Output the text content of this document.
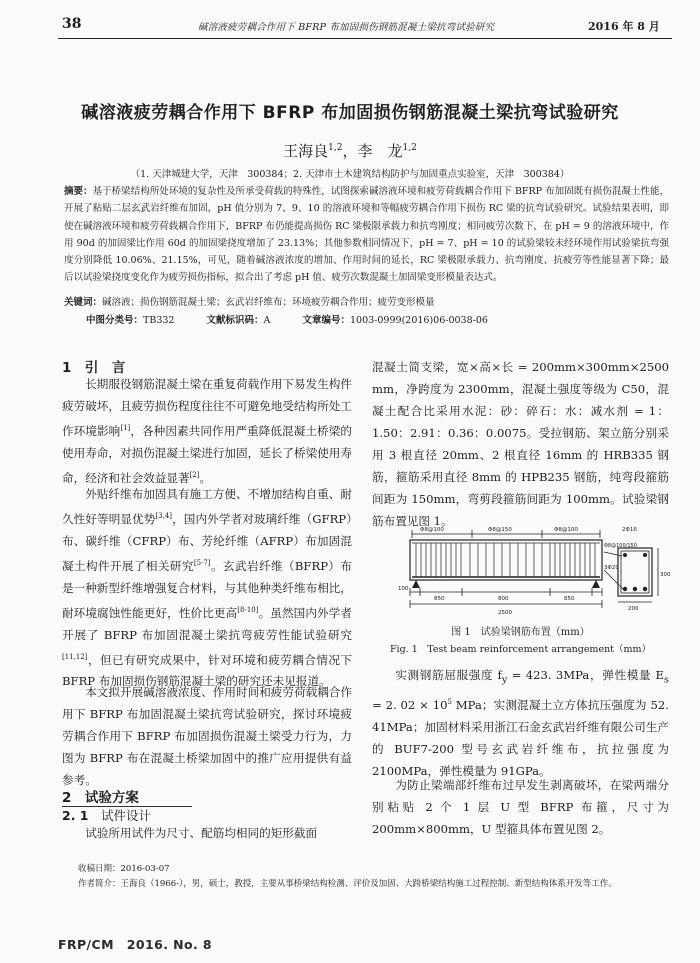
38	碱溶液疲劳耦合作用下 BFRP 布加固损伤钢筋混凝土梁抗弯试验研究	2016 年 8 月
碱溶液疲劳耦合作用下 BFRP 布加固损伤钢筋混凝土梁抗弯试验研究
王海良$^{1,2}$，李　龙$^{1,2}$
（1. 天津城建大学，天津　300384；2. 天津市土木建筑结构防护与加固重点实验室，天津　300384）
摘要：基于桥梁结构所处环境的复杂性及所承受荷载的特殊性，试图探索碱溶液环境和疲劳荷载耦合作用下 BFRP 布加固既有损伤混凝土性能，开展了粘贴二层玄武岩纤维布加固，pH 值分别为 7、9、10 的溶液环境和等幅疲劳耦合作用下损伤 RC 梁的抗弯试验研究。试验结果表明，即使在碱溶液环境和疲劳荷载耦合作用下，BFRP 布仍能提高损伤 RC 梁极限承载力和抗弯刚度；相同疲劳次数下，在 pH = 9 的溶液环境中，作用 90d 的加固梁比作用 60d 的加固梁挠度增加了 23.13%；其他参数相同情况下，pH = 7、pH = 10 的试验梁较未经环境作用试验梁抗弯强度分别降低 10.06%、21.15%，可见，随着碱溶液浓度的增加、作用时间的延长，RC 梁极限承载力、抗弯刚度、抗疲劳等性能显著下降；最后以试验梁挠度变化作为疲劳损伤指标，拟合出了考虑 pH 值、疲劳次数混凝土加固梁变形模量表达式。
关键词：碱溶液；损伤钢筋混凝土梁；玄武岩纤维布；环境疲劳耦合作用；疲劳变形模量
中图分类号：TB332	文献标识码：A	文章编号：1003-0999(2016)06-0038-06
1　引　言
长期服役钢筋混凝土梁在重复荷载作用下易发生构件疲劳破坏，且疲劳损伤程度往往不可避免地受结构所处工作环境影响[1]，各种因素共同作用严重降低混凝土桥梁的使用寿命，对损伤混凝土梁进行加固，延长了桥梁使用寿命，经济和社会效益显著[2]。
外贴纤维布加固具有施工方便、不增加结构自重、耐久性好等明显优势[3,4]，国内外学者对玻璃纤维（GFRP）布、碳纤维（CFRP）布、芳纶纤维（AFRP）布加固混凝土构件开展了相关研究[5-7]。玄武岩纤维（BFRP）布是一种新型纤维增强复合材料，与其他种类纤维布相比，耐环境腐蚀性能更好，性价比更高[8-10]。虽然国内外学者开展了 BFRP 布加固混凝土梁抗弯疲劳性能试验研究[11,12]，但已有研究成果中，针对环境和疲劳耦合情况下 BFRP 布加固损伤钢筋混凝土梁的研究还未见报道。
本文拟开展碱溶液浓度、作用时间和疲劳荷载耦合作用下 BFRP 布加固混凝土梁抗弯试验研究，探讨环境疲劳耦合作用下 BFRP 布加固损伤混凝土梁受力行为，力图为 BFRP 布在混凝土桥梁加固中的推广应用提供有益参考。
2　试验方案
2. 1　试件设计
试验所用试件为尺寸、配筋均相同的矩形截面
混凝土简支梁，宽×高×长 = 200mm×300mm×2500 mm，净跨度为 2300mm，混凝土强度等级为 C50，混凝土配合比采用水泥：砂：碎石：水：减水剂 = 1：1.50：2.91：0.36：0.0075。受拉钢筋、架立筋分别采用 3 根直径 20mm、2 根直径 16mm 的 HRB335 钢筋，箍筋采用直径 8mm 的 HPB235 钢筋，纯弯段箍筋间距为 150mm，弯剪段箍筋间距为 100mm。试验梁钢筋布置见图 1。
Φ8@100	Φ8@150	Φ8@100	2Φ16
Φ8@100/150
3Φ20
100
850	800	850
2500
300
200
图 1　试验梁钢筋布置（mm）
Fig. 1　Test beam reinforcement arrangement（mm）
实测钢筋屈服强度 $f_y = 423$. 3MPa，弹性模量 $E_s = 2$. $02 \times 10^5$ MPa；实测混凝土立方体抗压强度为 52. 41MPa；加固材料采用浙江石金玄武岩纤维有限公司生产的 BUF7-200 型号玄武岩纤维布，抗拉强度为 2100MPa，弹性模量为 91GPa。
为防止梁端部纤维布过早发生剥离破坏，在梁两端分别粘贴 2 个 1 层 U 型 BFRP 布箍，尺寸为 200mm×800mm，U 型箍具体布置见图 2。
收稿日期：2016-03-07
作者简介：王海良（1966-），男，硕士，教授，主要从事桥梁结构检测、评价及加固、大跨桥梁结构施工过程控制、新型结构体系开发等工作。
FRP/CM　2016. No. 8
